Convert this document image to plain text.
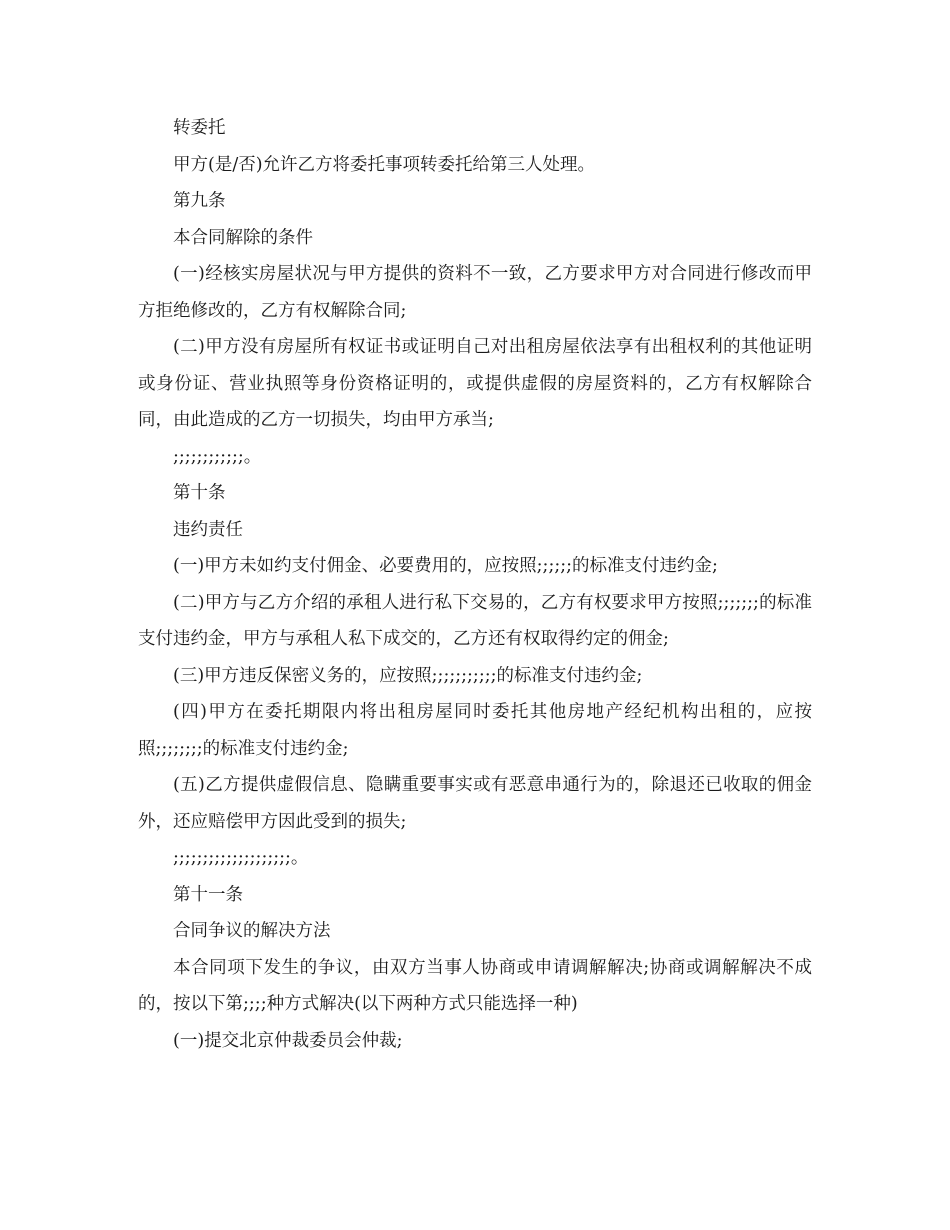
转委托

甲方(是/否)允许乙方将委托事项转委托给第三人处理。

第九条

本合同解除的条件

(一)经核实房屋状况与甲方提供的资料不一致，乙方要求甲方对合同进行修改而甲方拒绝修改的，乙方有权解除合同;

(二)甲方没有房屋所有权证书或证明自己对出租房屋依法享有出租权利的其他证明或身份证、营业执照等身份资格证明的，或提供虚假的房屋资料的，乙方有权解除合同，由此造成的乙方一切损失，均由甲方承当;

;;;;;;;;;;;;。

第十条

违约责任

(一)甲方未如约支付佣金、必要费用的，应按照;;;;;;的标准支付违约金;

(二)甲方与乙方介绍的承租人进行私下交易的，乙方有权要求甲方按照;;;;;;;的标准支付违约金，甲方与承租人私下成交的，乙方还有权取得约定的佣金;

(三)甲方违反保密义务的，应按照;;;;;;;;;;;的标准支付违约金;

(四)甲方在委托期限内将出租房屋同时委托其他房地产经纪机构出租的，应按照;;;;;;;;的标准支付违约金;

(五)乙方提供虚假信息、隐瞒重要事实或有恶意串通行为的，除退还已收取的佣金外，还应赔偿甲方因此受到的损失;

;;;;;;;;;;;;;;;;;;;;。

第十一条

合同争议的解决方法

本合同项下发生的争议，由双方当事人协商或申请调解解决;协商或调解解决不成的，按以下第;;;;种方式解决(以下两种方式只能选择一种)

(一)提交北京仲裁委员会仲裁;
